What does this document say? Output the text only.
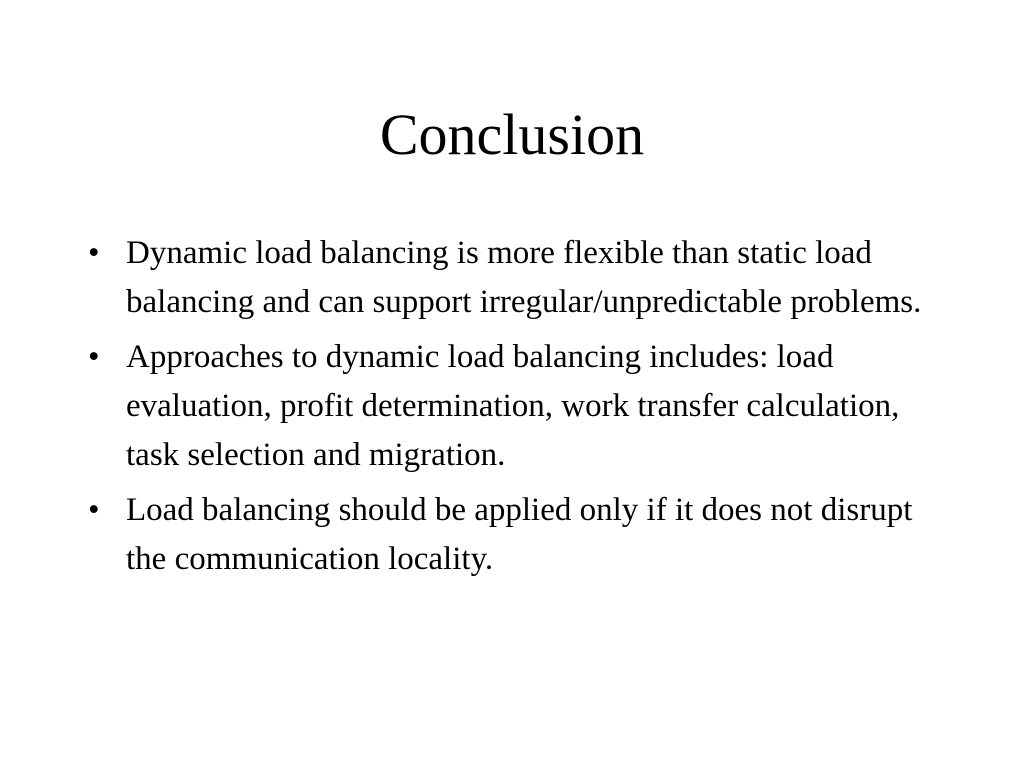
Conclusion
• Dynamic load balancing is more flexible than static load balancing and can support irregular/unpredictable problems.
• Approaches to dynamic load balancing includes: load evaluation, profit determination, work transfer calculation, task selection and migration.
• Load balancing should be applied only if it does not disrupt the communication locality.
